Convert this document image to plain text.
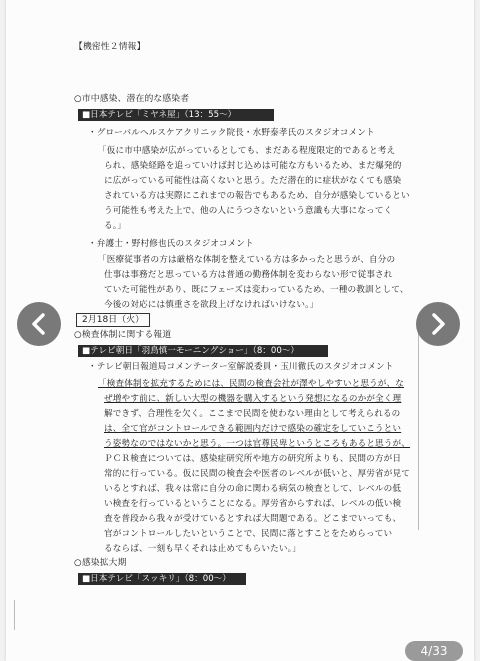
【機密性２情報】
○市中感染、潜在的な感染者
■日本テレビ「ミヤネ屋」（13：55～）
・グローバルヘルスケアクリニック院長・水野泰孝氏のスタジオコメント
「仮に市中感染が広がっているとしても、まだある程度限定的であると考え
られ、感染経路を追っていけば封じ込めは可能な方もいるため、まだ爆発的
に広がっている可能性は高くないと思う。ただ潜在的に症状がなくても感染
されている方は実際にこれまでの報告でもあるため、自分が感染しているとい
う可能性も考えた上で、他の人にうつさないという意識も大事になってく
る。」
・弁護士・野村修也氏のスタジオコメント
「医療従事者の方は厳格な体制を整えている方は多かったと思うが、自分の
仕事は事務だと思っている方は普通の勤務体制を変わらない形で従事され
ていた可能性があり、既にフェーズは変わっているため、一種の教訓として、
今後の対応には慎重さを欲段上げなければいけない。」
2月18日（火）
○検査体制に関する報道
■テレビ朝日「羽鳥慎一モーニングショー」（8：00～）
・テレビ朝日報道局コメンテーター室解説委員・玉川徹氏のスタジオコメント
「検査体制を拡充するためには、民間の検査会社が澤やしやすいと思うが、な
ぜ増やす前に、新しい大型の機器を購入するという発想になるのかが全く理
解できず、合理性を欠く。ここまで民間を使わない理由として考えられるの
は、全て官がコントロールできる範囲内だけで感染の確定をしていこうとい
う姿勢なのではないかと思う。一つは官尊民卑というところもあると思うが、
ＰＣＲ検査については、感染症研究所や地方の研究所よりも、民間の方が日
常的に行っている。仮に民間の検査会や医者のレベルが低いと、厚労省が見て
いるとすれば、我々は常に自分の命に関わる病気の検査として、レベルの低
い検査を行っているということになる。厚労省からすれば、レベルの低い検
査を普段から我々が受けているとすれば大問題である。どこまでいっても、
官がコントロールしたいということで、民間に落とすことをためらってい
るならば、一刻も早くそれは止めてもらいたい。」
○感染拡大期
■日本テレビ「スッキリ」（8：00～）
4/33
